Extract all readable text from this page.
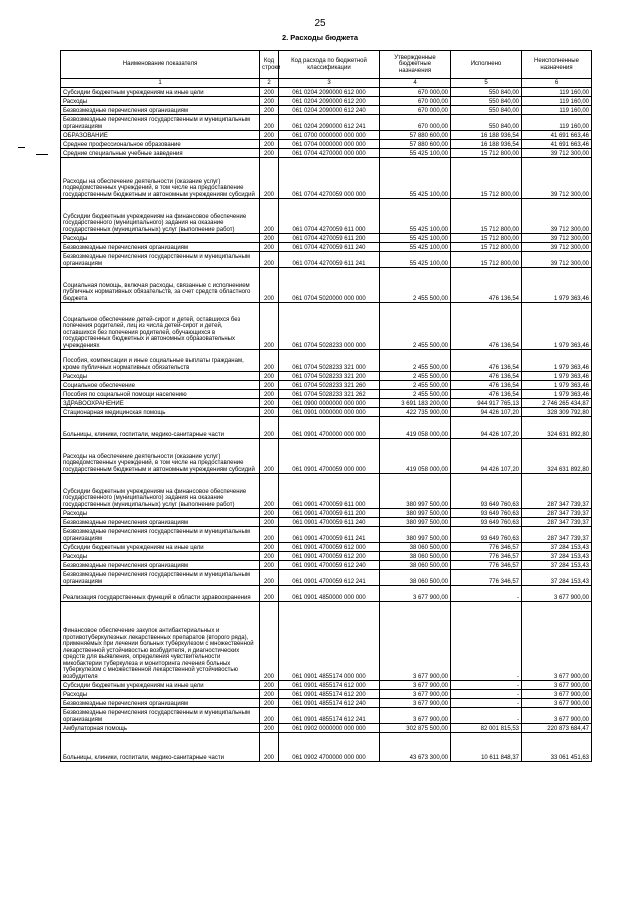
25
2. Расходы бюджета
Наименование показателя	Код строки	Код расхода по бюджетной классификации	Утвержденные бюджетные назначения	Исполнено	Неисполненные назначения
1	2	3	4	5	6
Субсидии бюджетным учреждениям на иные цели	200	061 0204 2090000 612 000	670 000,00	550 840,00	119 160,00
Расходы	200	061 0204 2090000 612 200	670 000,00	550 840,00	119 160,00
Безвозмездные перечисления организациям	200	061 0204 2090000 612 240	670 000,00	550 840,00	119 160,00
Безвозмездные перечисления государственным и муниципальным организациям	200	061 0204 2090000 612 241	670 000,00	550 840,00	119 160,00
ОБРАЗОВАНИЕ	200	061 0700 0000000 000 000	57 880 600,00	16 188 936,54	41 691 663,46
Среднее профессиональное образование	200	061 0704 0000000 000 000	57 880 600,00	16 188 936,54	41 691 663,46
Средние специальные учебные заведения	200	061 0704 4270000 000 000	55 425 100,00	15 712 800,00	39 712 300,00
Расходы на обеспечение деятельности (оказание услуг) подведомственных учреждений, в том числе на предоставление государственным бюджетным и автономным учреждениям субсидий	200	061 0704 4270059 000 000	55 425 100,00	15 712 800,00	39 712 300,00
Субсидии бюджетным учреждениям на финансовое обеспечение государственного (муниципального) задания на оказание государственных (муниципальных) услуг (выполнение работ)	200	061 0704 4270059 611 000	55 425 100,00	15 712 800,00	39 712 300,00
Расходы	200	061 0704 4270059 611 200	55 425 100,00	15 712 800,00	39 712 300,00
Безвозмездные перечисления организациям	200	061 0704 4270059 611 240	55 425 100,00	15 712 800,00	39 712 300,00
Безвозмездные перечисления государственным и муниципальным организациям	200	061 0704 4270059 611 241	55 425 100,00	15 712 800,00	39 712 300,00
Социальная помощь, включая расходы, связанные с исполнением публичных нормативных обязательств, за счет средств областного бюджета	200	061 0704 5020000 000 000	2 455 500,00	476 136,54	1 979 363,46
Социальное обеспечение детей-сирот и детей, оставшихся без попечения родителей, лиц из числа детей-сирот и детей, оставшихся без попечения родителей, обучающихся в государственных бюджетных и автономных образовательных учреждениях	200	061 0704 5028233 000 000	2 455 500,00	476 136,54	1 979 363,46
Пособия, компенсации и иные социальные выплаты гражданам, кроме публичных нормативных обязательств	200	061 0704 5028233 321 000	2 455 500,00	476 136,54	1 979 363,46
Расходы	200	061 0704 5028233 321 200	2 455 500,00	476 136,54	1 979 363,46
Социальное обеспечение	200	061 0704 5028233 321 260	2 455 500,00	476 136,54	1 979 363,46
Пособия по социальной помощи населению	200	061 0704 5028233 321 262	2 455 500,00	476 136,54	1 979 363,46
ЗДРАВООХРАНЕНИЕ	200	061 0900 0000000 000 000	3 691 183 200,00	944 917 765,13	2 746 265 434,87
Стационарная медицинская помощь	200	061 0901 0000000 000 000	422 735 900,00	94 426 107,20	328 309 792,80
Больницы, клиники, госпитали, медико-санитарные части	200	061 0901 4700000 000 000	419 058 000,00	94 426 107,20	324 631 892,80
Расходы на обеспечение деятельности (оказание услуг) подведомственных учреждений, в том числе на предоставление государственным бюджетным и автономным учреждениям субсидий	200	061 0901 4700059 000 000	419 058 000,00	94 426 107,20	324 631 892,80
Субсидии бюджетным учреждениям на финансовое обеспечение государственного (муниципального) задания на оказание государственных (муниципальных) услуг (выполнение работ)	200	061 0901 4700059 611 000	380 997 500,00	93 649 760,63	287 347 739,37
Расходы	200	061 0901 4700059 611 200	380 997 500,00	93 649 760,63	287 347 739,37
Безвозмездные перечисления организациям	200	061 0901 4700059 611 240	380 997 500,00	93 649 760,63	287 347 739,37
Безвозмездные перечисления государственным и муниципальным организациям	200	061 0901 4700059 611 241	380 997 500,00	93 649 760,63	287 347 739,37
Субсидии бюджетным учреждениям на иные цели	200	061 0901 4700059 612 000	38 060 500,00	776 346,57	37 284 153,43
Расходы	200	061 0901 4700059 612 200	38 060 500,00	776 346,57	37 284 153,43
Безвозмездные перечисления организациям	200	061 0901 4700059 612 240	38 060 500,00	776 346,57	37 284 153,43
Безвозмездные перечисления государственным и муниципальным организациям	200	061 0901 4700059 612 241	38 060 500,00	776 346,57	37 284 153,43
Реализация государственных функций в области здравоохранения	200	061 0901 4850000 000 000	3 677 900,00	-	3 677 900,00
Финансовое обеспечение закупок антибактериальных и противотуберкулезных лекарственных препаратов (второго ряда), применяемых при лечении больных туберкулезом с множественной лекарственной устойчивостью возбудителя, и диагностических средств для выявления, определения чувствительности микобактерии туберкулеза и мониторинга лечения больных туберкулезом с множественной лекарственной устойчивостью возбудителя	200	061 0901 4855174 000 000	3 677 900,00	-	3 677 900,00
Субсидии бюджетным учреждениям на иные цели	200	061 0901 4855174 612 000	3 677 900,00	-	3 677 900,00
Расходы	200	061 0901 4855174 612 200	3 677 900,00	-	3 677 900,00
Безвозмездные перечисления организациям	200	061 0901 4855174 612 240	3 677 900,00	-	3 677 900,00
Безвозмездные перечисления государственным и муниципальным организациям	200	061 0901 4855174 612 241	3 677 900,00	-	3 677 900,00
Амбулаторная помощь	200	061 0902 0000000 000 000	302 875 500,00	82 001 815,53	220 873 684,47
Больницы, клиники, госпитали, медико-санитарные части	200	061 0902 4700000 000 000	43 673 300,00	10 611 848,37	33 061 451,63
